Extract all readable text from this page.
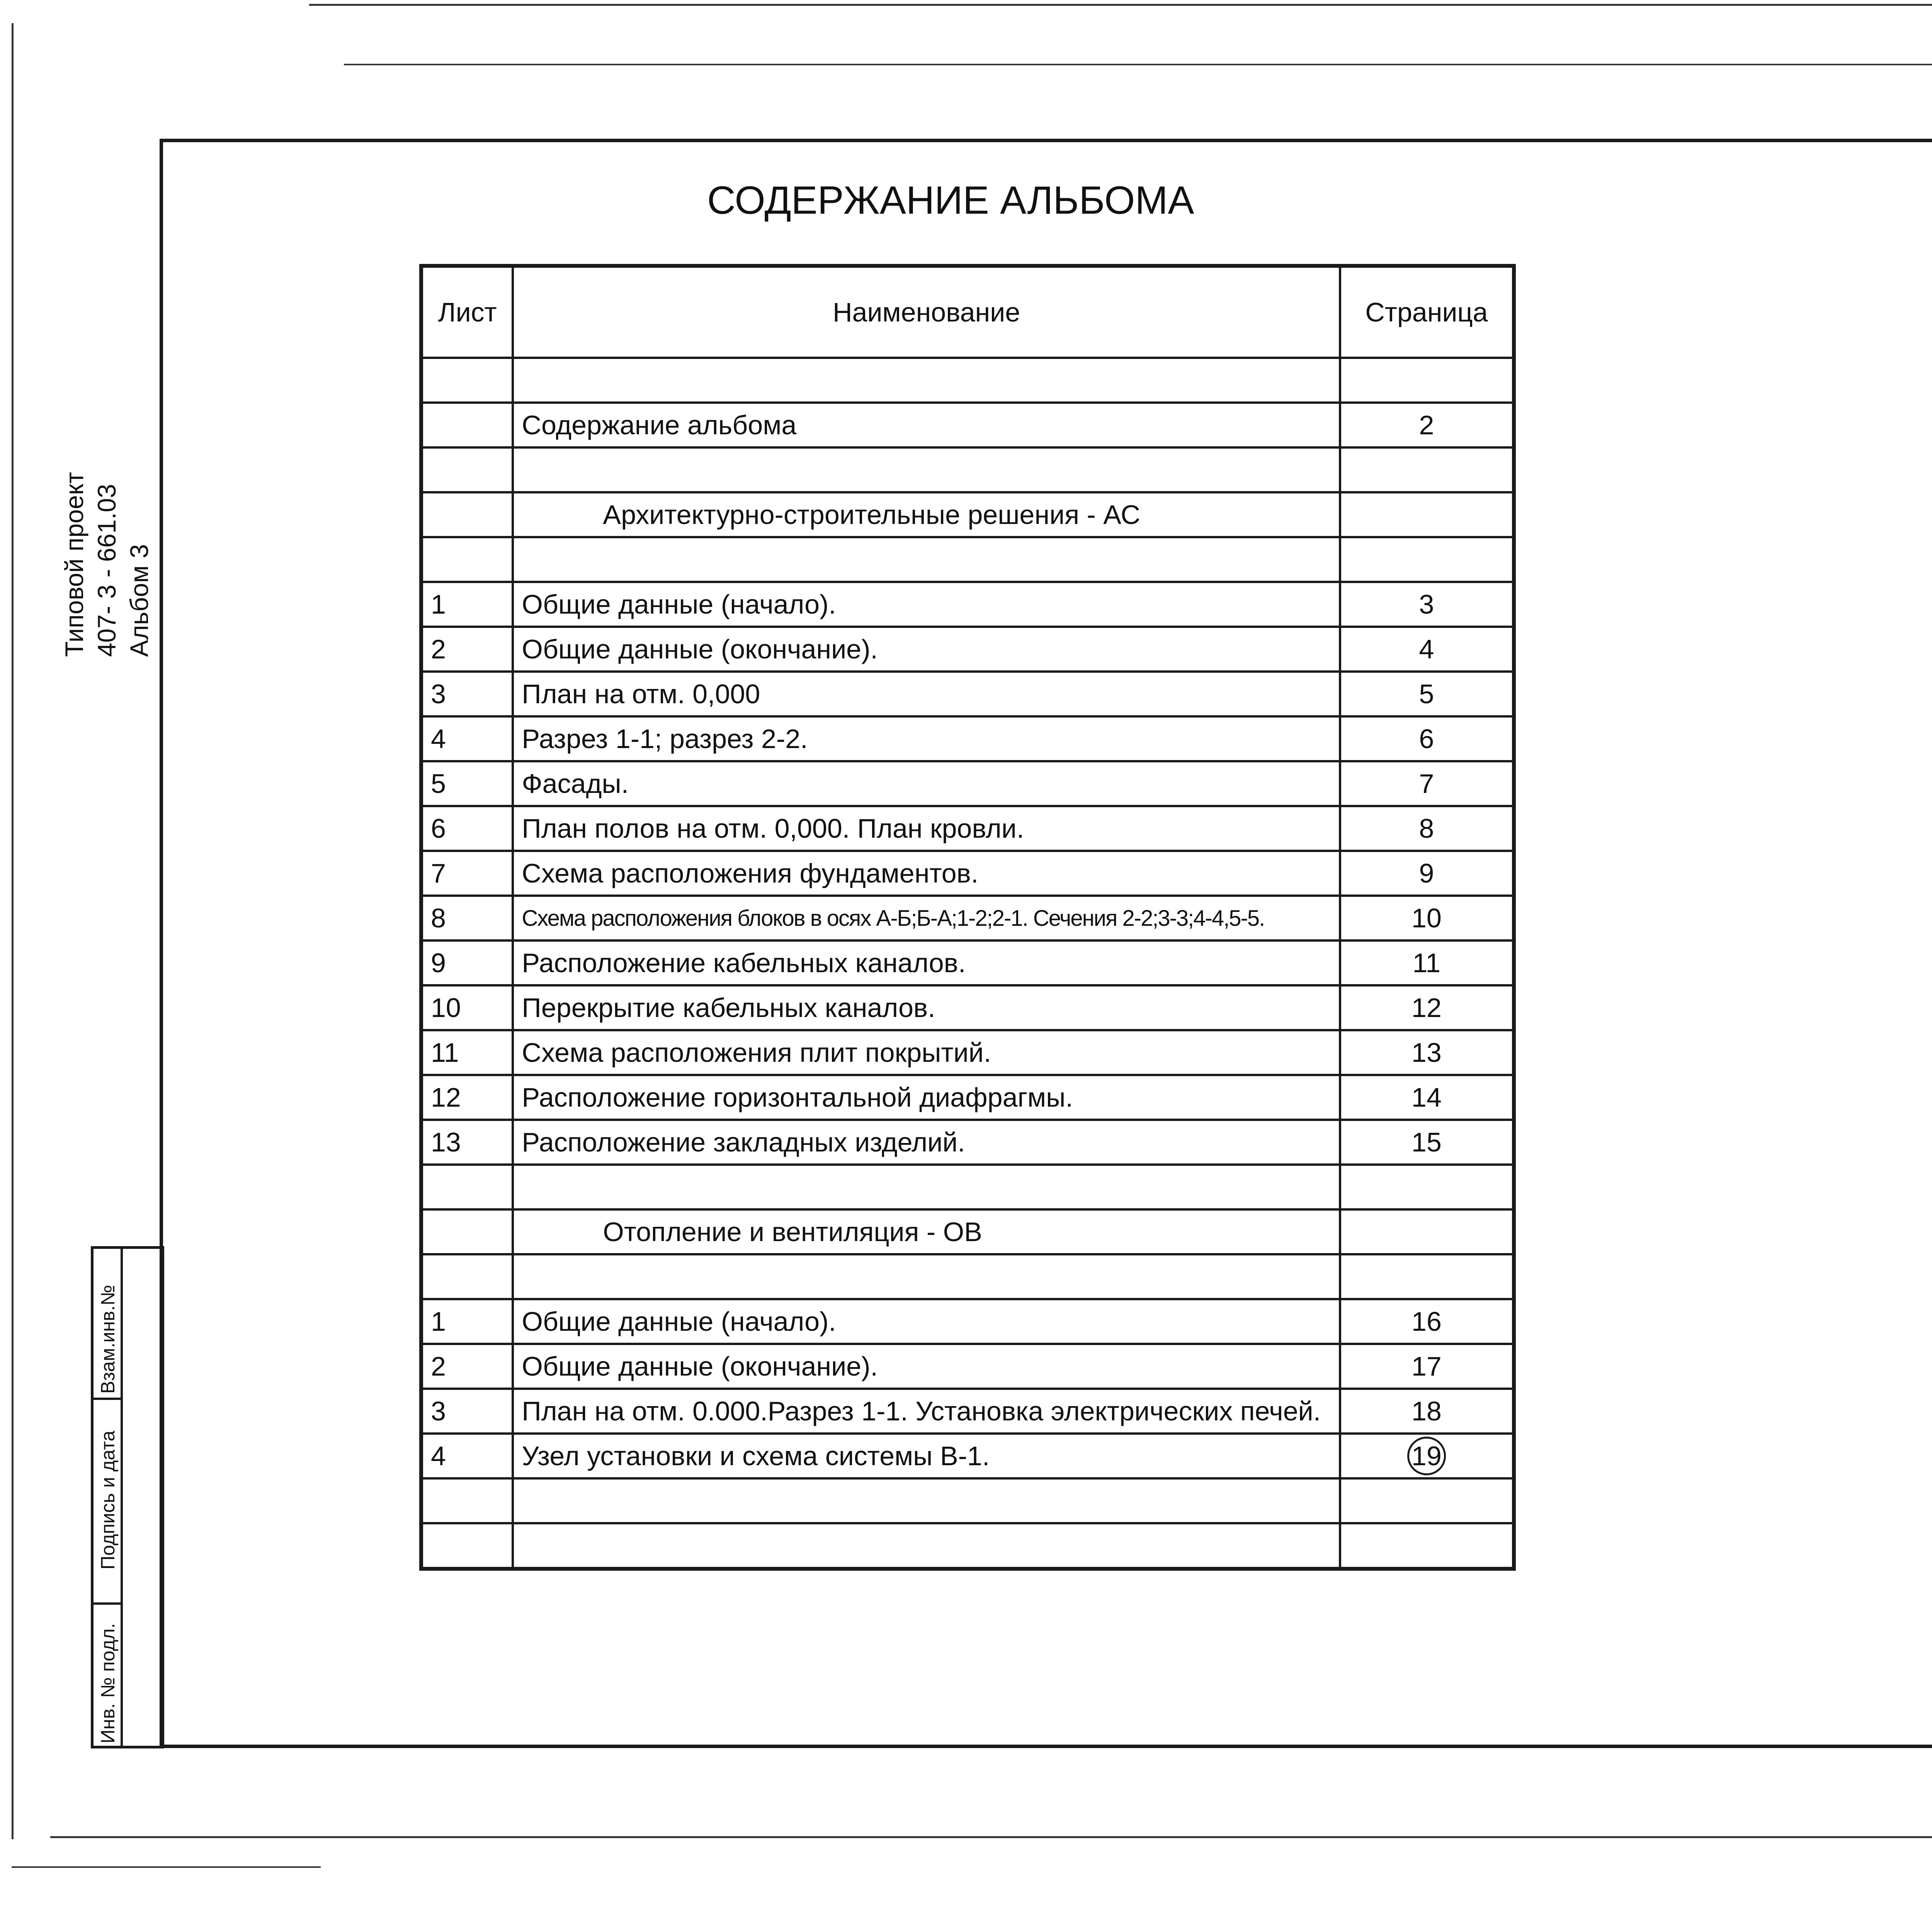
СОДЕРЖАНИЕ АЛЬБОМА
Типовой проект 407- 3 - 661.03 Альбом 3
Взам.инв.№
Подпись и дата
Инв. № подл.
Лист	Наименование	Страница

	Содержание альбома	2

	Архитектурно-строительные решения - АС	

1	Общие данные (начало).	3
2	Общие данные (окончание).	4
3	План на отм. 0,000	5
4	Разрез 1-1; разрез 2-2.	6
5	Фасады.	7
6	План полов на отм. 0,000. План кровли.	8
7	Схема расположения фундаментов.	9
8	Схема расположения блоков в осях А-Б;Б-А;1-2;2-1. Сечения 2-2;3-3;4-4,5-5.	10
9	Расположение кабельных каналов.	11
10	Перекрытие кабельных каналов.	12
11	Схема расположения плит покрытий.	13
12	Расположение горизонтальной диафрагмы.	14
13	Расположение закладных изделий.	15

	Отопление и вентиляция - ОВ	

1	Общие данные (начало).	16
2	Общие данные (окончание).	17
3	План на отм. 0.000.Разрез 1-1. Установка электрических печей.	18
4	Узел установки и схема системы В-1.	19
